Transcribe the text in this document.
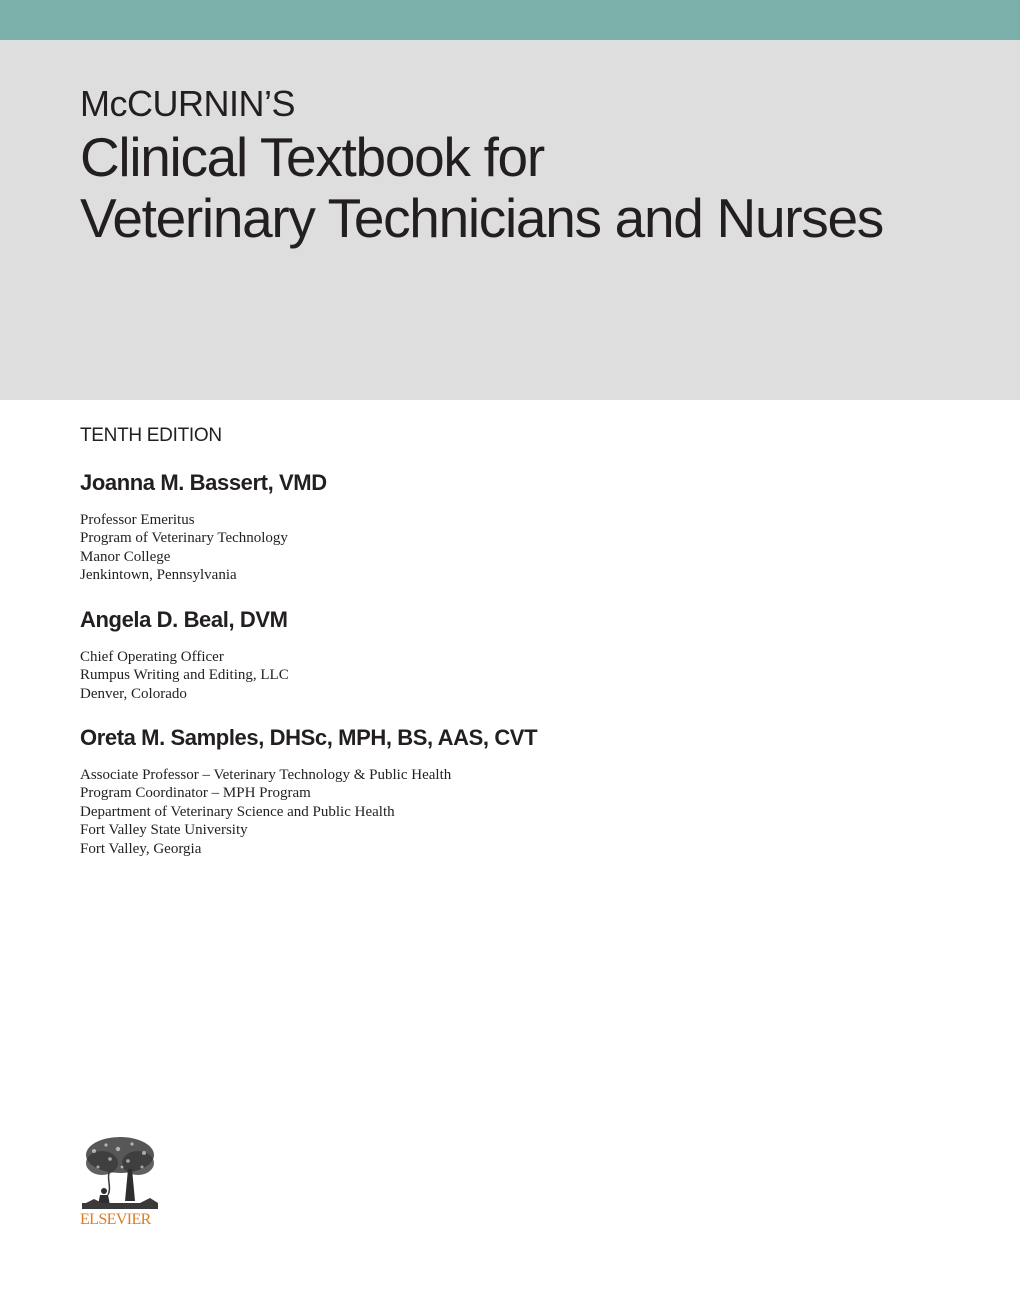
McCURNIN’S
Clinical Textbook for
Veterinary Technicians and Nurses
TENTH EDITION
Joanna M. Bassert, VMD
Professor Emeritus
Program of Veterinary Technology
Manor College
Jenkintown, Pennsylvania
Angela D. Beal, DVM
Chief Operating Officer
Rumpus Writing and Editing, LLC
Denver, Colorado
Oreta M. Samples, DHSc, MPH, BS, AAS, CVT
Associate Professor – Veterinary Technology & Public Health
Program Coordinator – MPH Program
Department of Veterinary Science and Public Health
Fort Valley State University
Fort Valley, Georgia
ELSEVIER
